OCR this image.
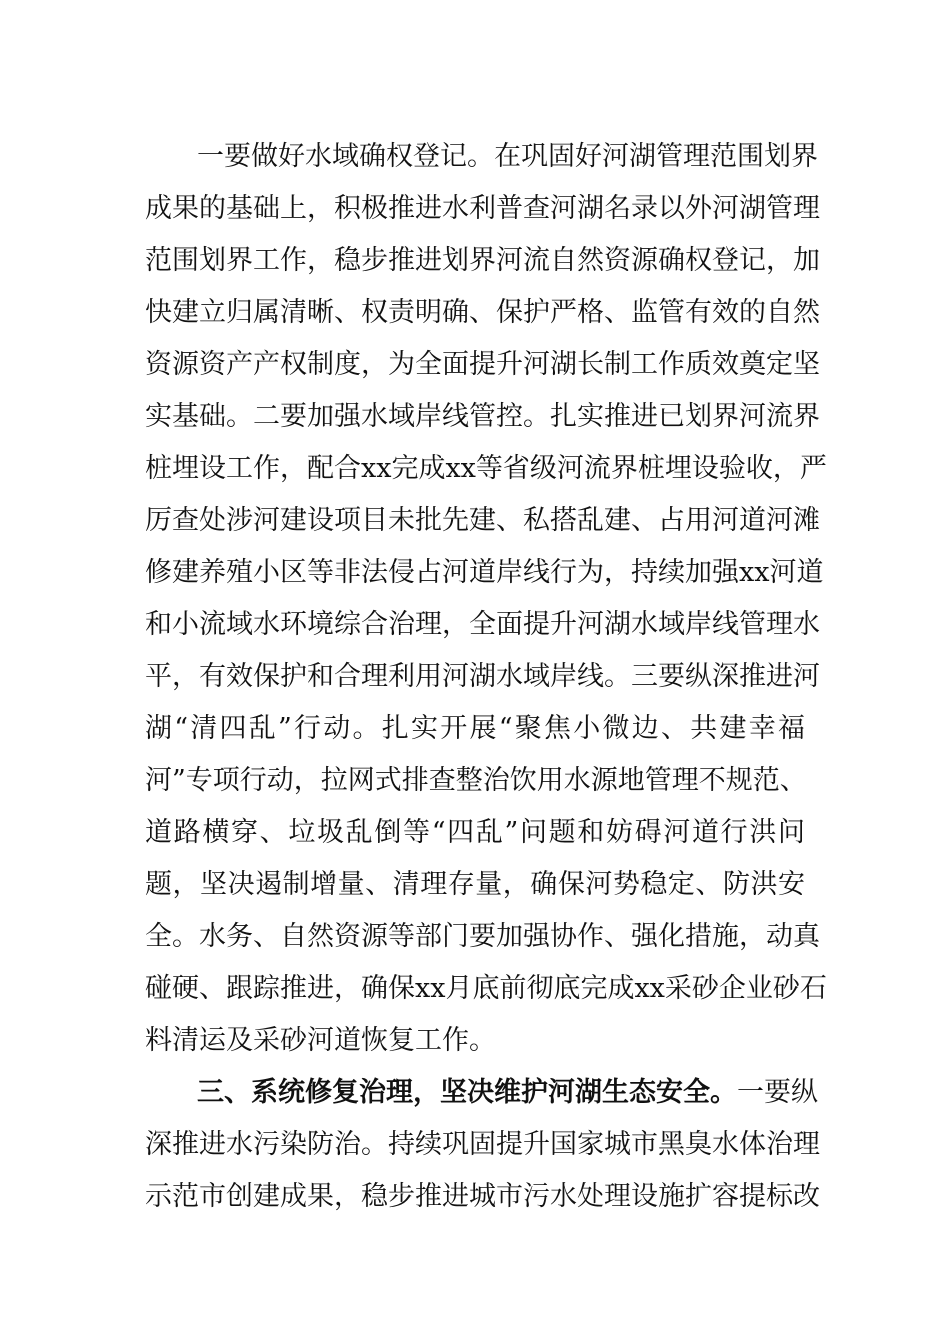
一要做好水域确权登记。在巩固好河湖管理范围划界
成果的基础上，积极推进水利普查河湖名录以外河湖管理
范围划界工作，稳步推进划界河流自然资源确权登记，加
快建立归属清晰、权责明确、保护严格、监管有效的自然
资源资产产权制度，为全面提升河湖长制工作质效奠定坚
实基础。二要加强水域岸线管控。扎实推进已划界河流界
桩埋设工作，配合xx完成xx等省级河流界桩埋设验收，严
厉查处涉河建设项目未批先建、私搭乱建、占用河道河滩
修建养殖小区等非法侵占河道岸线行为，持续加强xx河道
和小流域水环境综合治理，全面提升河湖水域岸线管理水
平，有效保护和合理利用河湖水域岸线。三要纵深推进河
湖“清四乱”行动。扎实开展“聚焦小微边、共建幸福
河”专项行动，拉网式排查整治饮用水源地管理不规范、
道路横穿、垃圾乱倒等“四乱”问题和妨碍河道行洪问
题，坚决遏制增量、清理存量，确保河势稳定、防洪安
全。水务、自然资源等部门要加强协作、强化措施，动真
碰硬、跟踪推进，确保xx月底前彻底完成xx采砂企业砂石
料清运及采砂河道恢复工作。
三、系统修复治理，坚决维护河湖生态安全。一要纵
深推进水污染防治。持续巩固提升国家城市黑臭水体治理
示范市创建成果，稳步推进城市污水处理设施扩容提标改
